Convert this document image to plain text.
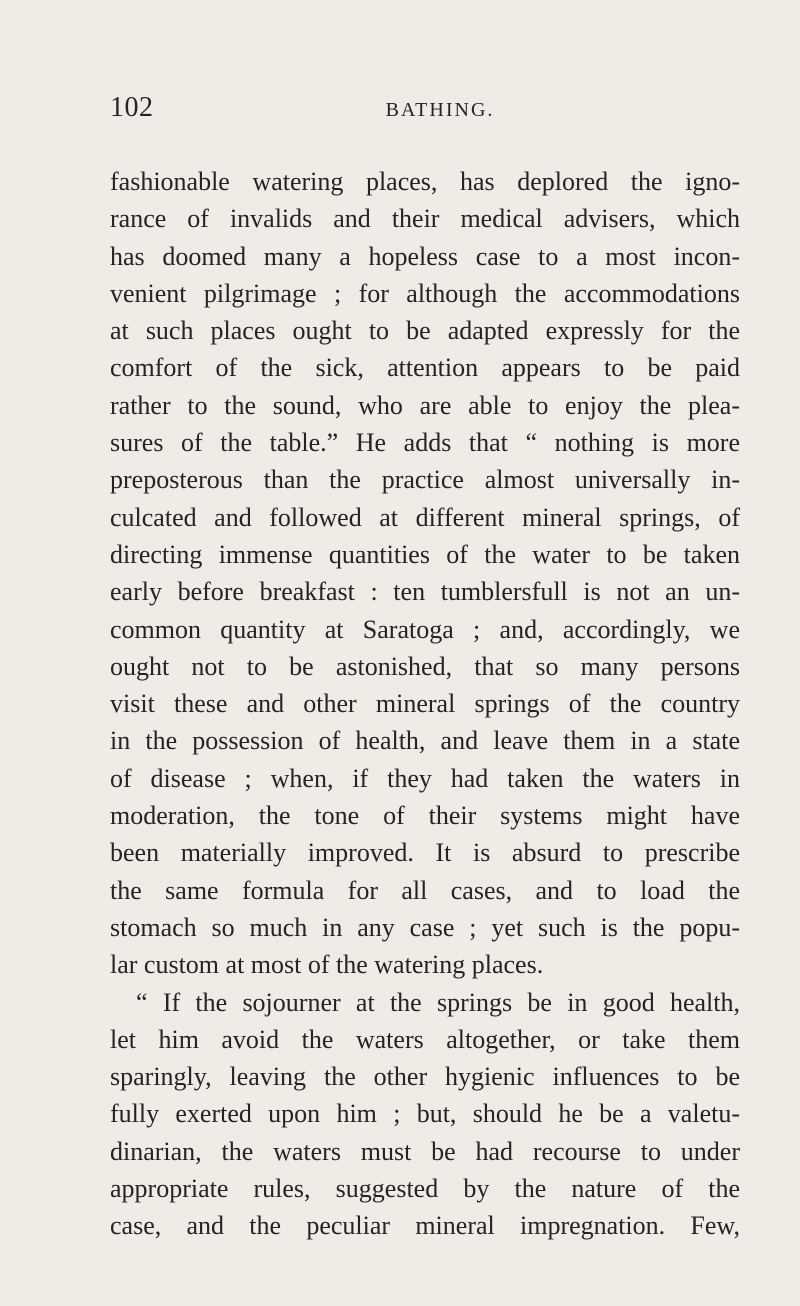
102	BATHING.
fashionable watering places, has deplored the igno-
rance of invalids and their medical advisers, which
has doomed many a hopeless case to a most incon-
venient pilgrimage ; for although the accommodations
at such places ought to be adapted expressly for the
comfort of the sick, attention appears to be paid
rather to the sound, who are able to enjoy the plea-
sures of the table.” He adds that “ nothing is more
preposterous than the practice almost universally in-
culcated and followed at different mineral springs, of
directing immense quantities of the water to be taken
early before breakfast : ten tumblersfull is not an un-
common quantity at Saratoga ; and, accordingly, we
ought not to be astonished, that so many persons
visit these and other mineral springs of the country
in the possession of health, and leave them in a state
of disease ; when, if they had taken the waters in
moderation, the tone of their systems might have
been materially improved. It is absurd to prescribe
the same formula for all cases, and to load the
stomach so much in any case ; yet such is the popu-
lar custom at most of the watering places.
“ If the sojourner at the springs be in good health,
let him avoid the waters altogether, or take them
sparingly, leaving the other hygienic influences to be
fully exerted upon him ; but, should he be a valetu-
dinarian, the waters must be had recourse to under
appropriate rules, suggested by the nature of the
case, and the peculiar mineral impregnation. Few,
